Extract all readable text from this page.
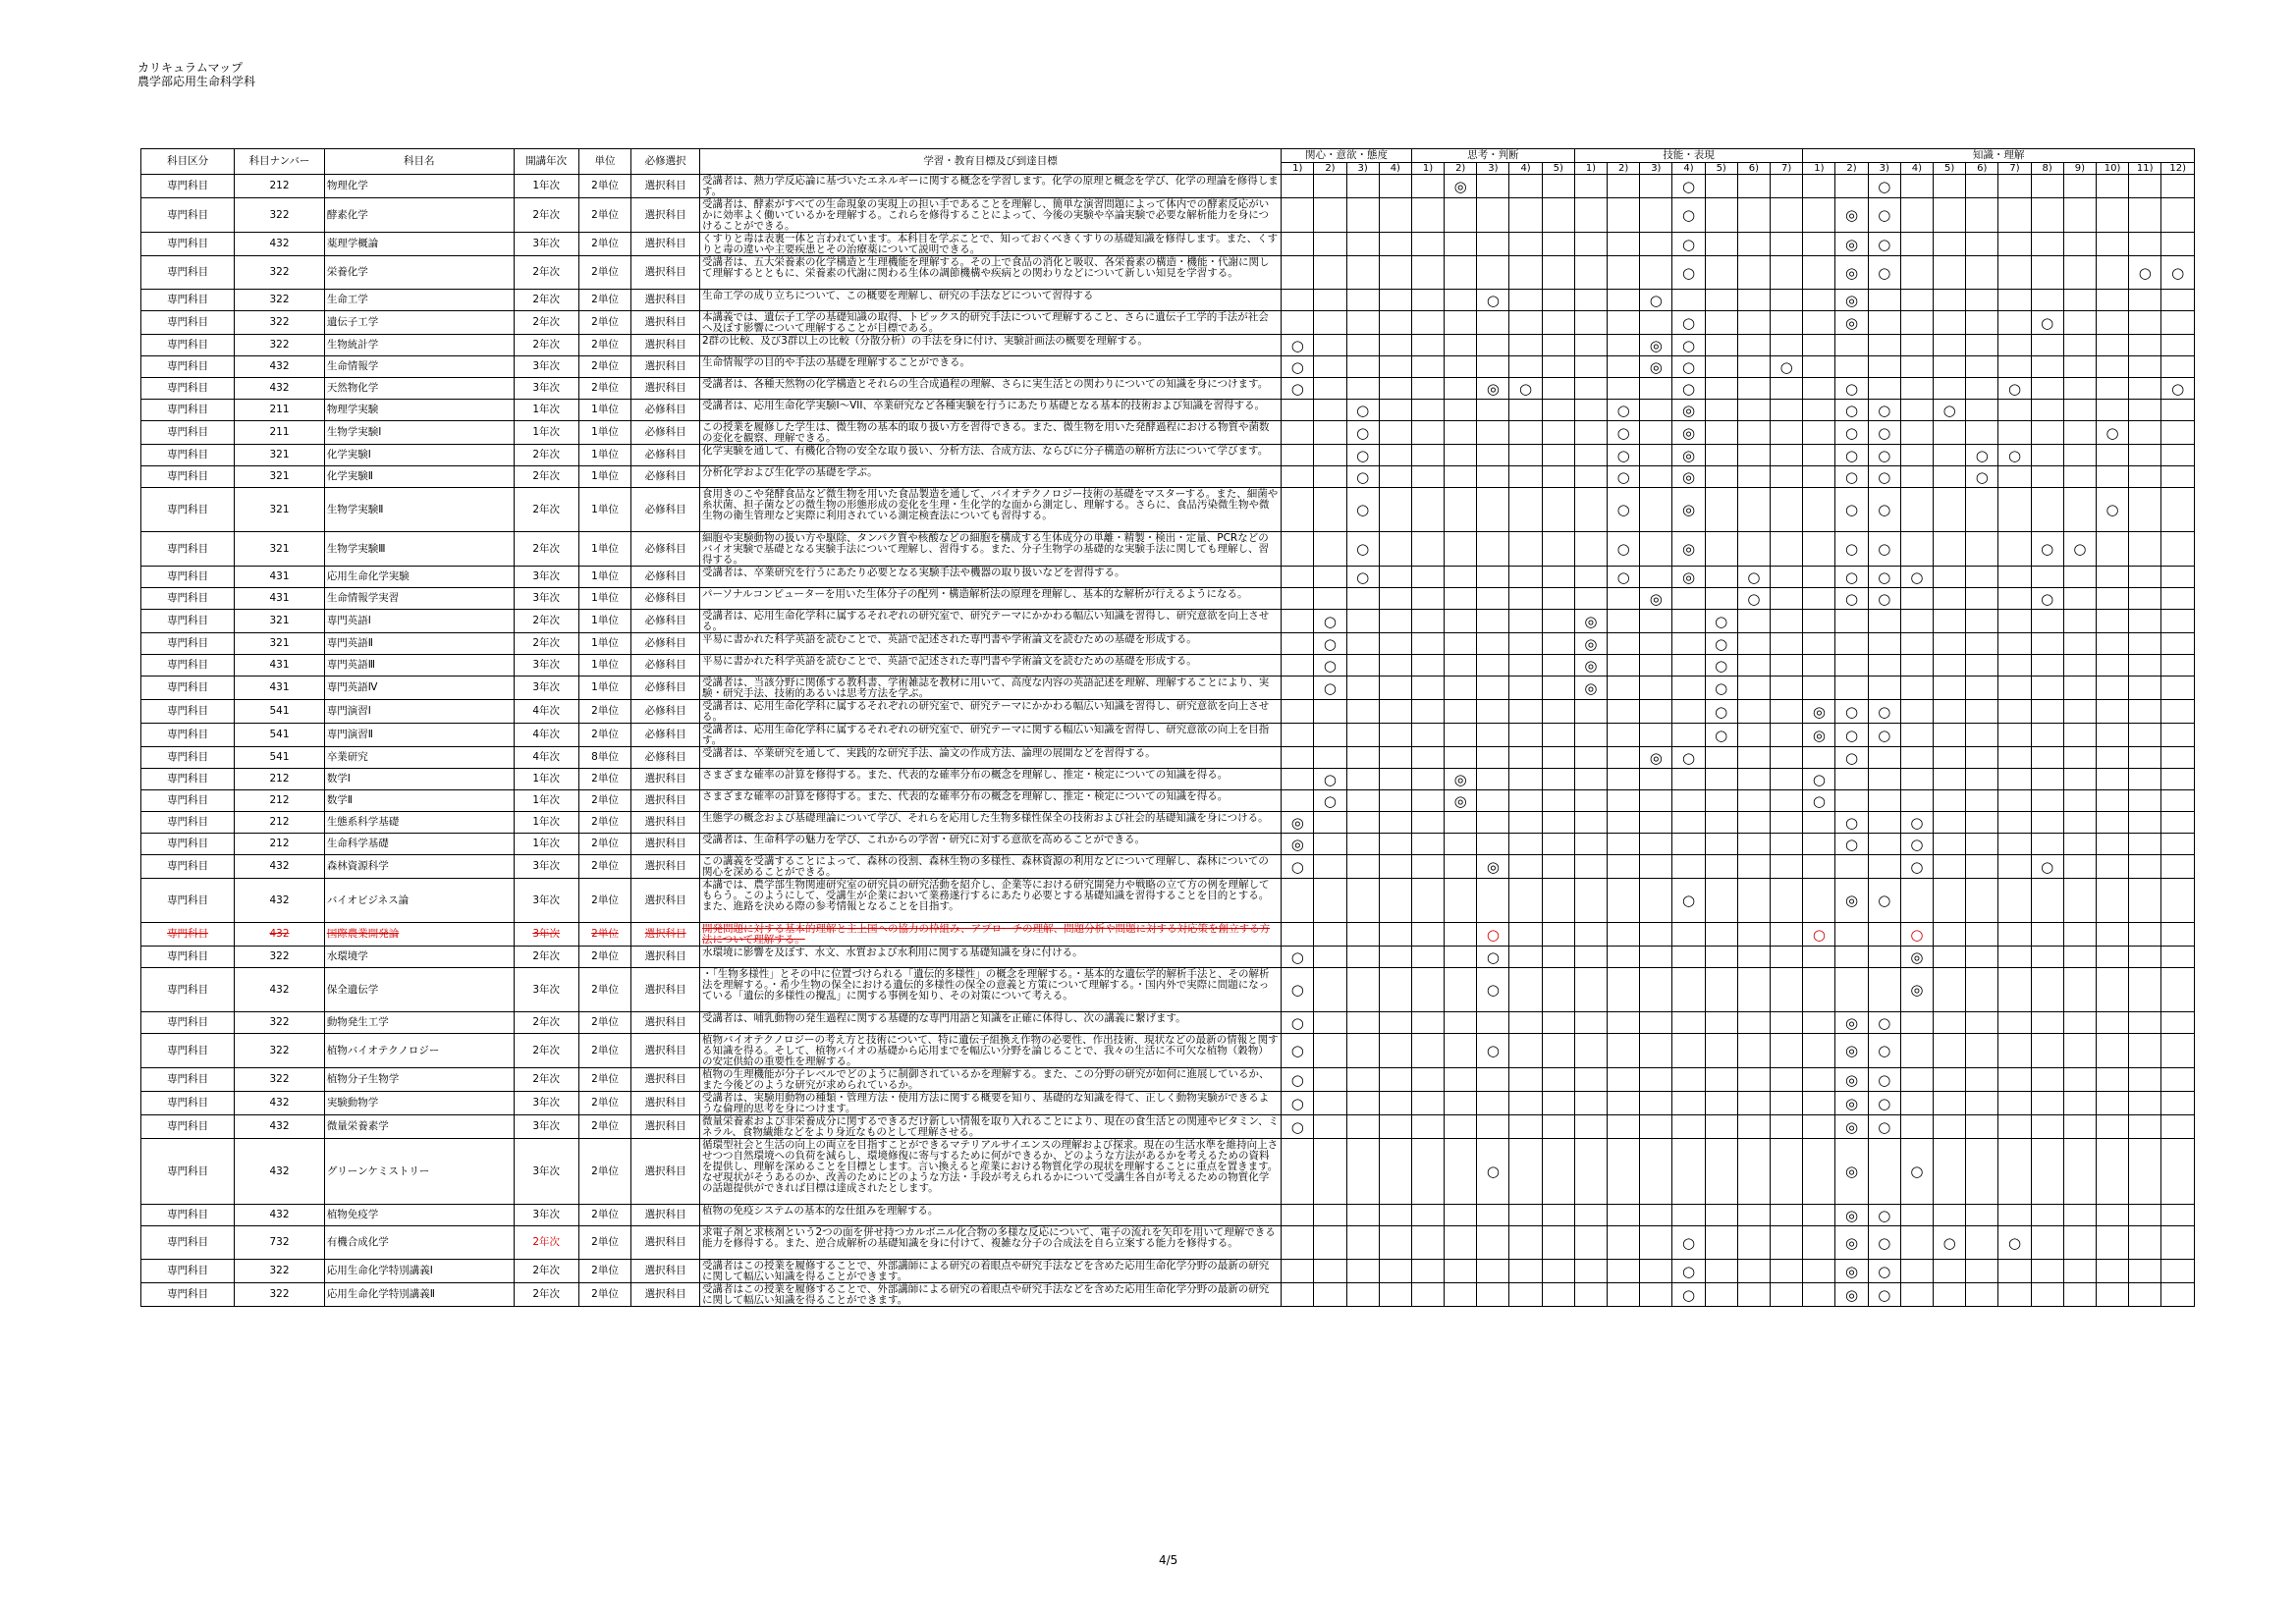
カリキュラムマップ
農学部応用生命科学科
科目区分	科目ナンバー	科目名	開講年次	単位	必修選択	学習・教育目標及び到達目標	関心・意欲・態度				思考・判断					技能・表現							知識・理解											
							1)	2)	3)	4)	1)	2)	3)	4)	5)	1)	2)	3)	4)	5)	6)	7)	1)	2)	3)	4)	5)	6)	7)	8)	9)	10)	11)	12)
専門科目	212	物理化学	1年次	2単位	選択科目	受講者は、熱力学反応論に基づいたエネルギーに関する概念を学習します。化学の原理と概念を学び、化学の理論を修得します。						◎							○						○									
専門科目	322	酵素化学	2年次	2単位	選択科目	受講者は、酵素がすべての生命現象の実現上の担い手であることを理解し、簡単な演習問題によって体内での酵素反応がいかに効率よく働いているかを理解する。これらを修得することによって、今後の実験や卒論実験で必要な解析能力を身につけることができる。													○					◎	○									
専門科目	432	薬理学概論	3年次	2単位	選択科目	くすりと毒は表裏一体と言われています。本科目を学ぶことで、知っておくべきくすりの基礎知識を修得します。また、くすりと毒の違いや主要疾患とその治療薬について説明できる。													○					◎	○									
専門科目	322	栄養化学	2年次	2単位	選択科目	受講者は、五大栄養素の化学構造と生理機能を理解する。その上で食品の消化と吸収、各栄養素の構造・機能・代謝に関して理解するとともに、栄養素の代謝に関わる生体の調節機構や疾病との関わりなどについて新しい知見を学習する。													○					◎	○								○	○
専門科目	322	生命工学	2年次	2単位	選択科目	生命工学の成り立ちについて、この概要を理解し、研究の手法などについて習得する							○					○						◎										
専門科目	322	遺伝子工学	2年次	2単位	選択科目	本講義では、遺伝子工学の基礎知識の取得、トピックス的研究手法について理解すること、さらに遺伝子工学的手法が社会へ及ぼす影響について理解することが目標である。													○					◎						○				
専門科目	322	生物統計学	2年次	2単位	選択科目	2群の比較、及び3群以上の比較（分散分析）の手法を身に付け、実験計画法の概要を理解する。	○											◎	○															
専門科目	432	生命情報学	3年次	2単位	選択科目	生命情報学の目的や手法の基礎を理解することができる。	○											◎	○			○												
専門科目	432	天然物化学	3年次	2単位	選択科目	受講者は、各種天然物の化学構造とそれらの生合成過程の理解、さらに実生活との関わりについての知識を身につけます。	○						◎	○					○					○					○					○
専門科目	211	物理学実験	1年次	1単位	必修科目	受講者は、応用生命化学実験I～VII、卒業研究など各種実験を行うにあたり基礎となる基本的技術および知識を習得する。			○								○		◎					○	○		○							
専門科目	211	生物学実験Ⅰ	1年次	1単位	必修科目	この授業を履修した学生は、微生物の基本的取り扱い方を習得できる。また、微生物を用いた発酵過程における物質や菌数の変化を観察、理解できる。			○								○		◎					○	○							○		
専門科目	321	化学実験Ⅰ	2年次	1単位	必修科目	化学実験を通して、有機化合物の安全な取り扱い、分析方法、合成方法、ならびに分子構造の解析方法について学びます。			○								○		◎					○	○			○	○					
専門科目	321	化学実験Ⅱ	2年次	1単位	必修科目	分析化学および生化学の基礎を学ぶ。			○								○		◎					○	○			○						
専門科目	321	生物学実験Ⅱ	2年次	1単位	必修科目	食用きのこや発酵食品など微生物を用いた食品製造を通して、バイオテクノロジー技術の基礎をマスターする。また、細菌や糸状菌、担子菌などの微生物の形態形成の変化を生理・生化学的な面から測定し、理解する。さらに、食品汚染微生物や微生物の衛生管理など実際に利用されている測定検査法についても習得する。			○								○		◎					○	○							○		
専門科目	321	生物学実験Ⅲ	2年次	1単位	必修科目	細胞や実験動物の扱い方や駆除、タンパク質や核酸などの細胞を構成する生体成分の単離・精製・検出・定量、PCRなどのバイオ実験で基礎となる実験手法について理解し、習得する。また、分子生物学の基礎的な実験手法に関しても理解し、習得する。			○								○		◎					○	○					○	○			
専門科目	431	応用生命化学実験	3年次	1単位	必修科目	受講者は、卒業研究を行うにあたり必要となる実験手法や機器の取り扱いなどを習得する。			○								○		◎		○			○	○	○								
専門科目	431	生命情報学実習	3年次	1単位	必修科目	パーソナルコンピューターを用いた生体分子の配列・構造解析法の原理を理解し、基本的な解析が行えるようになる。												◎			○			○	○					○				
専門科目	321	専門英語Ⅰ	2年次	1単位	必修科目	受講者は、応用生命化学科に属するそれぞれの研究室で、研究テーマにかかわる幅広い知識を習得し、研究意欲を向上させる。		○								◎				○														
専門科目	321	専門英語Ⅱ	2年次	1単位	必修科目	平易に書かれた科学英語を読むことで、英語で記述された専門書や学術論文を読むための基礎を形成する。		○								◎				○														
専門科目	431	専門英語Ⅲ	3年次	1単位	必修科目	平易に書かれた科学英語を読むことで、英語で記述された専門書や学術論文を読むための基礎を形成する。		○								◎				○														
専門科目	431	専門英語Ⅳ	3年次	1単位	必修科目	受講者は、当該分野に関係する教科書、学術雑誌を教材に用いて、高度な内容の英語記述を理解、理解することにより、実験・研究手法、技術的あるいは思考方法を学ぶ。		○								◎				○														
専門科目	541	専門演習Ⅰ	4年次	2単位	必修科目	受講者は、応用生命化学科に属するそれぞれの研究室で、研究テーマにかかわる幅広い知識を習得し、研究意欲を向上させる。														○			◎	○	○									
専門科目	541	専門演習Ⅱ	4年次	2単位	必修科目	受講者は、応用生命化学科に属するそれぞれの研究室で、研究テーマに関する幅広い知識を習得し、研究意欲の向上を目指す。														○			◎	○	○									
専門科目	541	卒業研究	4年次	8単位	必修科目	受講者は、卒業研究を通して、実践的な研究手法、論文の作成方法、論理の展開などを習得する。												◎	○					○										
専門科目	212	数学Ⅰ	1年次	2単位	選択科目	さまざまな確率の計算を修得する。また、代表的な確率分布の概念を理解し、推定・検定についての知識を得る。		○				◎											○											
専門科目	212	数学Ⅱ	1年次	2単位	選択科目	さまざまな確率の計算を修得する。また、代表的な確率分布の概念を理解し、推定・検定についての知識を得る。		○				◎											○											
専門科目	212	生態系科学基礎	1年次	2単位	選択科目	生態学の概念および基礎理論について学び、それらを応用した生物多様性保全の技術および社会的基礎知識を身につける。	◎																	○		○								
専門科目	212	生命科学基礎	1年次	2単位	選択科目	受講者は、生命科学の魅力を学び、これからの学習・研究に対する意欲を高めることができる。	◎																	○		○								
専門科目	432	森林資源科学	3年次	2単位	選択科目	この講義を受講することによって、森林の役割、森林生物の多様性、森林資源の利用などについて理解し、森林についての関心を深めることができる。	○						◎													○				○				
専門科目	432	バイオビジネス論	3年次	2単位	選択科目	本講では、農学部生物関連研究室の研究員の研究活動を紹介し、企業等における研究開発力や戦略の立て方の例を理解してもらう。このようにして、受講生が企業において業務遂行するにあたり必要とする基礎知識を習得することを目的とする。また、進路を決める際の参考情報となることを目指す。													○					◎	○									
専門科目	432	国際農業開発論	3年次	2単位	選択科目	開発問題に対する基本的理解と主上国への協力の枠組み、アプローチの理解、問題分析や問題に対する対応策を創立する方法について理解する。							○										○			○								
専門科目	322	水環境学	2年次	2単位	選択科目	水環境に影響を及ぼす、水文、水質および水利用に関する基礎知識を身に付ける。	○						○													◎								
専門科目	432	保全遺伝学	3年次	2単位	選択科目	・「生物多様性」とその中に位置づけられる「遺伝的多様性」の概念を理解する。・基本的な遺伝学的解析手法と、その解析法を理解する。・希少生物の保全における遺伝的多様性の保全の意義と方策について理解する。・国内外で実際に問題になっている「遺伝的多様性の攪乱」に関する事例を知り、その対策について考える。	○						○													◎								
専門科目	322	動物発生工学	2年次	2単位	選択科目	受講者は、哺乳動物の発生過程に関する基礎的な専門用語と知識を正確に体得し、次の講義に繋げます。	○																	◎	○									
専門科目	322	植物バイオテクノロジー	2年次	2単位	選択科目	植物バイオテクノロジーの考え方と技術について、特に遺伝子組換え作物の必要性、作出技術、現状などの最新の情報と関する知識を得る。そして、植物バイオの基礎から応用までを幅広い分野を論じることで、我々の生活に不可欠な植物（穀物）の安定供給の重要性を理解する。	○						○											◎	○									
専門科目	322	植物分子生物学	2年次	2単位	選択科目	植物の生理機能が分子レベルでどのように制御されているかを理解する。また、この分野の研究が如何に進展しているか、また今後どのような研究が求められているか。	○																	◎	○									
専門科目	432	実験動物学	3年次	2単位	選択科目	受講者は、実験用動物の種類・管理方法・使用方法に関する概要を知り、基礎的な知識を得て、正しく動物実験ができるような倫理的思考を身につけます。	○																	◎	○									
専門科目	432	微量栄養素学	3年次	2単位	選択科目	微量栄養素および非栄養成分に関するできるだけ新しい情報を取り入れることにより、現在の食生活との関連やビタミン、ミネラル、食物繊維などをより身近なものとして理解させる。	○																	◎	○									
専門科目	432	グリーンケミストリー	3年次	2単位	選択科目	循環型社会と生活の向上の両立を目指すことができるマテリアルサイエンスの理解および探求。現在の生活水準を維持向上させつつ自然環境への負荷を減らし、環境修復に寄与するために何ができるか、どのような方法があるかを考えるための資料を提供し、理解を深めることを目標とします。言い換えると産業における物質化学の現状を理解することに重点を置きます。なぜ現状がそうあるのか、改善のためにどのような方法・手段が考えられるかについて受講生各自が考えるための物質化学の話題提供ができれば目標は達成されたとします。							○											◎		○								
専門科目	432	植物免疫学	3年次	2単位	選択科目	植物の免疫システムの基本的な仕組みを理解する。																		◎	○									
専門科目	732	有機合成化学	2年次	2単位	選択科目	求電子剤と求核剤という2つの面を併せ持つカルボニル化合物の多様な反応について、電子の流れを矢印を用いて理解できる能力を修得する。また、逆合成解析の基礎知識を身に付けて、複雑な分子の合成法を自ら立案する能力を修得する。													○					◎	○		○		○					
専門科目	322	応用生命化学特別講義Ⅰ	2年次	2単位	選択科目	受講者はこの授業を履修することで、外部講師による研究の着眼点や研究手法などを含めた応用生命化学分野の最新の研究に関して幅広い知識を得ることができます。													○					◎	○									
専門科目	322	応用生命化学特別講義Ⅱ	2年次	2単位	選択科目	受講者はこの授業を履修することで、外部講師による研究の着眼点や研究手法などを含めた応用生命化学分野の最新の研究に関して幅広い知識を得ることができます。													○					◎	○									
4/5
